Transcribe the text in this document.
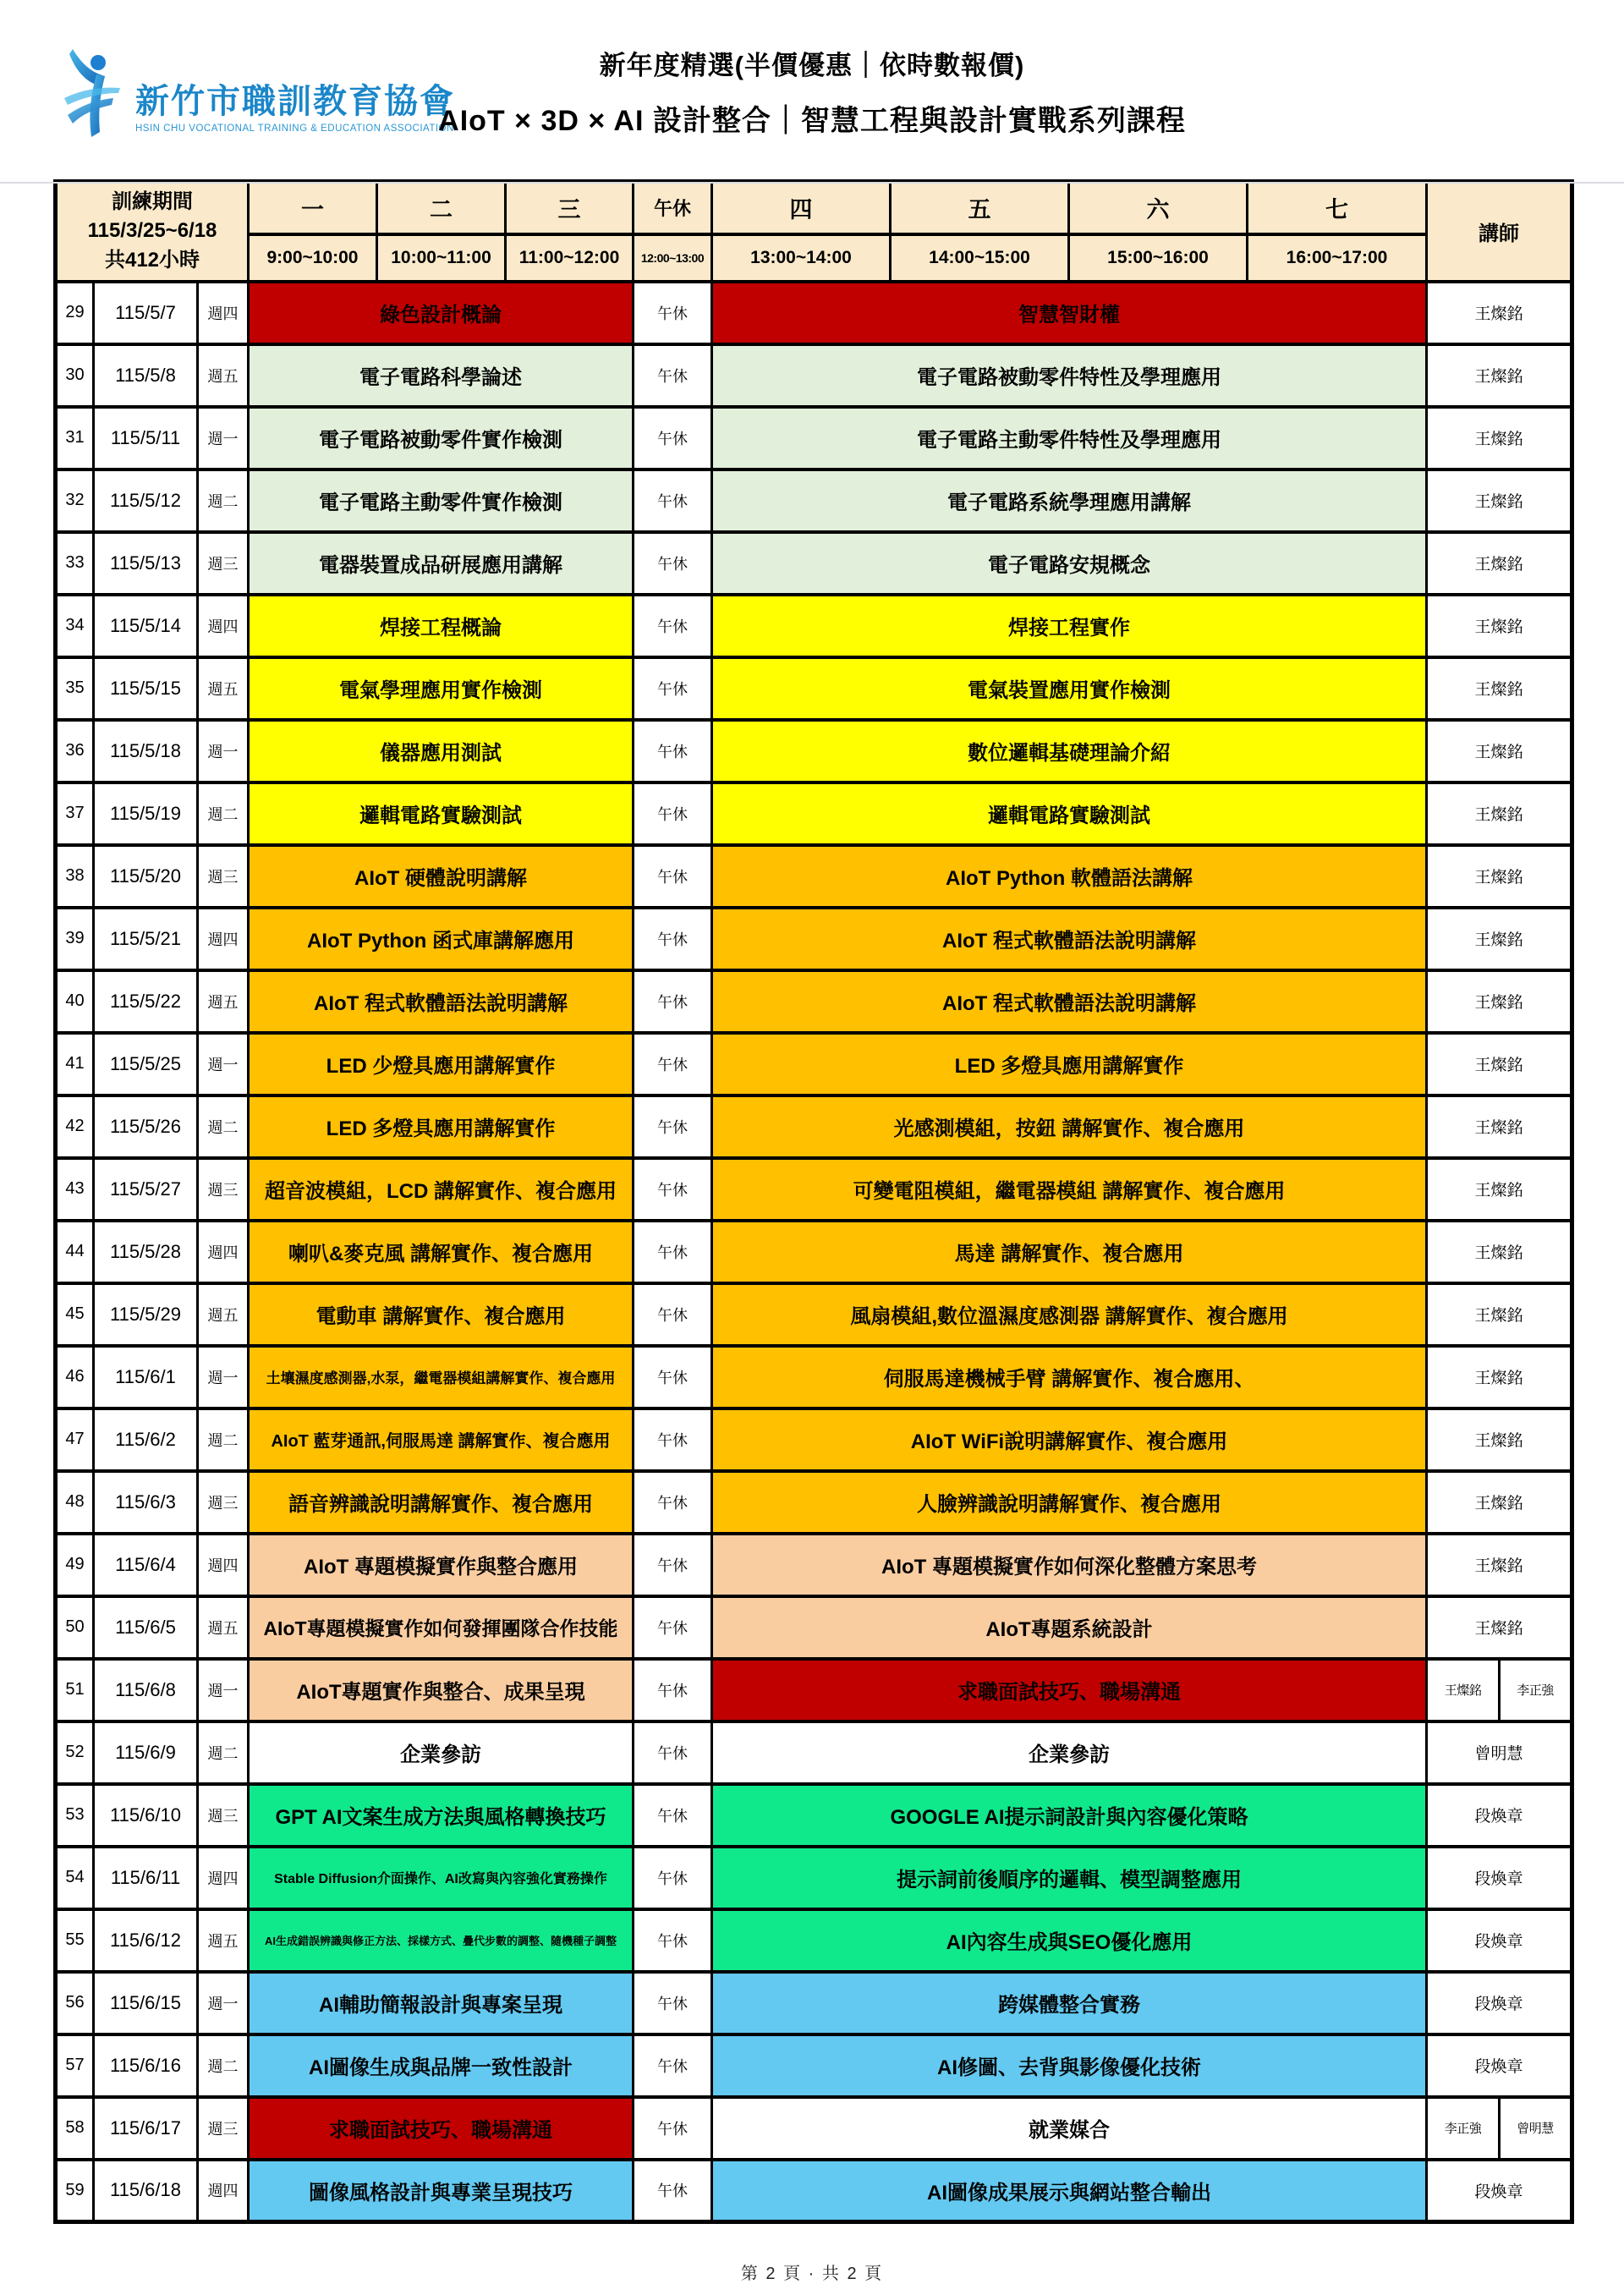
新竹市職訓教育協會
HSIN CHU VOCATIONAL TRAINING & EDUCATION ASSOCIATION
新年度精選(半價優惠｜依時數報價)
AIoT × 3D × AI 設計整合｜智慧工程與設計實戰系列課程
訓練期間
115/3/25~6/18
共412小時			一	二	三	午休	四	五	六	七	講師	
			9:00~10:00	10:00~11:00	11:00~12:00	12:00~13:00	13:00~14:00	14:00~15:00	15:00~16:00	16:00~17:00		
29	115/5/7	週四	綠色設計概論			午休	智慧智財權				王燦銘	
30	115/5/8	週五	電子電路科學論述			午休	電子電路被動零件特性及學理應用				王燦銘	
31	115/5/11	週一	電子電路被動零件實作檢測			午休	電子電路主動零件特性及學理應用				王燦銘	
32	115/5/12	週二	電子電路主動零件實作檢測			午休	電子電路系統學理應用講解				王燦銘	
33	115/5/13	週三	電器裝置成品研展應用講解			午休	電子電路安規概念				王燦銘	
34	115/5/14	週四	焊接工程概論			午休	焊接工程實作				王燦銘	
35	115/5/15	週五	電氣學理應用實作檢測			午休	電氣裝置應用實作檢測				王燦銘	
36	115/5/18	週一	儀器應用測試			午休	數位邏輯基礎理論介紹				王燦銘	
37	115/5/19	週二	邏輯電路實驗測試			午休	邏輯電路實驗測試				王燦銘	
38	115/5/20	週三	AIoT 硬體說明講解			午休	AIoT Python 軟體語法講解				王燦銘	
39	115/5/21	週四	AIoT Python 函式庫講解應用			午休	AIoT 程式軟體語法說明講解				王燦銘	
40	115/5/22	週五	AIoT 程式軟體語法說明講解			午休	AIoT 程式軟體語法說明講解				王燦銘	
41	115/5/25	週一	LED 少燈具應用講解實作			午休	LED 多燈具應用講解實作				王燦銘	
42	115/5/26	週二	LED 多燈具應用講解實作			午休	光感測模組，按鈕 講解實作、複合應用				王燦銘	
43	115/5/27	週三	超音波模組，LCD 講解實作、複合應用			午休	可變電阻模組，繼電器模組 講解實作、複合應用				王燦銘	
44	115/5/28	週四	喇叭&麥克風 講解實作、複合應用			午休	馬達 講解實作、複合應用				王燦銘	
45	115/5/29	週五	電動車 講解實作、複合應用			午休	風扇模組,數位溫濕度感測器 講解實作、複合應用				王燦銘	
46	115/6/1	週一	土壤濕度感測器,水泵，繼電器模組講解實作、複合應用			午休	伺服馬達機械手臂 講解實作、複合應用、				王燦銘	
47	115/6/2	週二	AIoT 藍芽通訊,伺服馬達 講解實作、複合應用			午休	AIoT WiFi說明講解實作、複合應用				王燦銘	
48	115/6/3	週三	語音辨識說明講解實作、複合應用			午休	人臉辨識說明講解實作、複合應用				王燦銘	
49	115/6/4	週四	AIoT 專題模擬實作與整合應用			午休	AIoT 專題模擬實作如何深化整體方案思考				王燦銘	
50	115/6/5	週五	AIoT專題模擬實作如何發揮團隊合作技能			午休	AIoT專題系統設計				王燦銘	
51	115/6/8	週一	AIoT專題實作與整合、成果呈現			午休	求職面試技巧、職場溝通				王燦銘	李正強
52	115/6/9	週二	企業參訪			午休	企業參訪				曾明慧	
53	115/6/10	週三	GPT AI文案生成方法與風格轉換技巧			午休	GOOGLE AI提示詞設計與內容優化策略				段煥章	
54	115/6/11	週四	Stable Diffusion介面操作、AI改寫與內容強化實務操作			午休	提示詞前後順序的邏輯、模型調整應用				段煥章	
55	115/6/12	週五	AI生成錯誤辨識與修正方法、採樣方式、疊代步數的調整、隨機種子調整			午休	AI內容生成與SEO優化應用				段煥章	
56	115/6/15	週一	AI輔助簡報設計與專案呈現			午休	跨媒體整合實務				段煥章	
57	115/6/16	週二	AI圖像生成與品牌一致性設計			午休	AI修圖、去背與影像優化技術				段煥章	
58	115/6/17	週三	求職面試技巧、職場溝通			午休	就業媒合				李正強	曾明慧
59	115/6/18	週四	圖像風格設計與專業呈現技巧			午休	AI圖像成果展示與網站整合輸出				段煥章	
第 2 頁 · 共 2 頁
